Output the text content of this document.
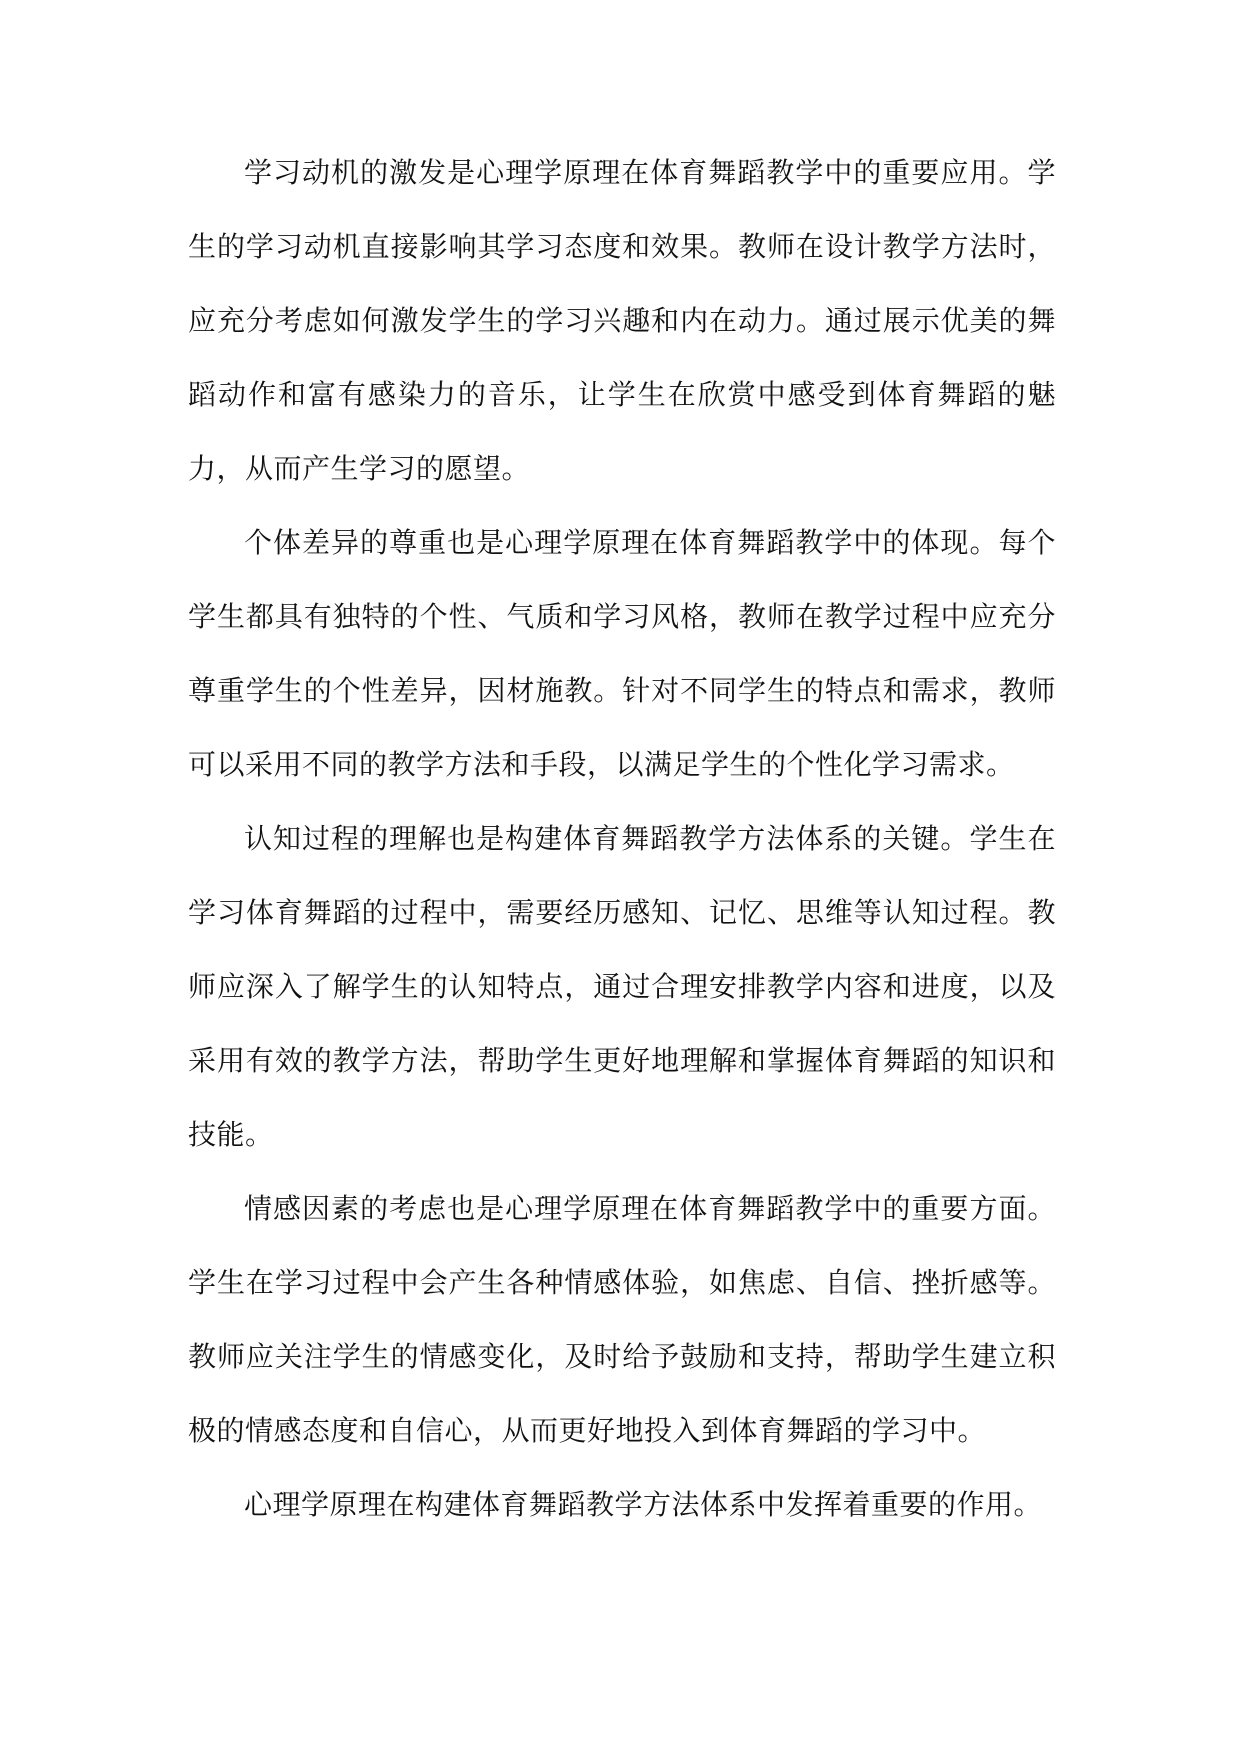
学习动机的激发是心理学原理在体育舞蹈教学中的重要应用。学生的学习动机直接影响其学习态度和效果。教师在设计教学方法时，应充分考虑如何激发学生的学习兴趣和内在动力。通过展示优美的舞蹈动作和富有感染力的音乐，让学生在欣赏中感受到体育舞蹈的魅力，从而产生学习的愿望。

个体差异的尊重也是心理学原理在体育舞蹈教学中的体现。每个学生都具有独特的个性、气质和学习风格，教师在教学过程中应充分尊重学生的个性差异，因材施教。针对不同学生的特点和需求，教师可以采用不同的教学方法和手段，以满足学生的个性化学习需求。

认知过程的理解也是构建体育舞蹈教学方法体系的关键。学生在学习体育舞蹈的过程中，需要经历感知、记忆、思维等认知过程。教师应深入了解学生的认知特点，通过合理安排教学内容和进度，以及采用有效的教学方法，帮助学生更好地理解和掌握体育舞蹈的知识和技能。

情感因素的考虑也是心理学原理在体育舞蹈教学中的重要方面。学生在学习过程中会产生各种情感体验，如焦虑、自信、挫折感等。教师应关注学生的情感变化，及时给予鼓励和支持，帮助学生建立积极的情感态度和自信心，从而更好地投入到体育舞蹈的学习中。

心理学原理在构建体育舞蹈教学方法体系中发挥着重要的作用。
